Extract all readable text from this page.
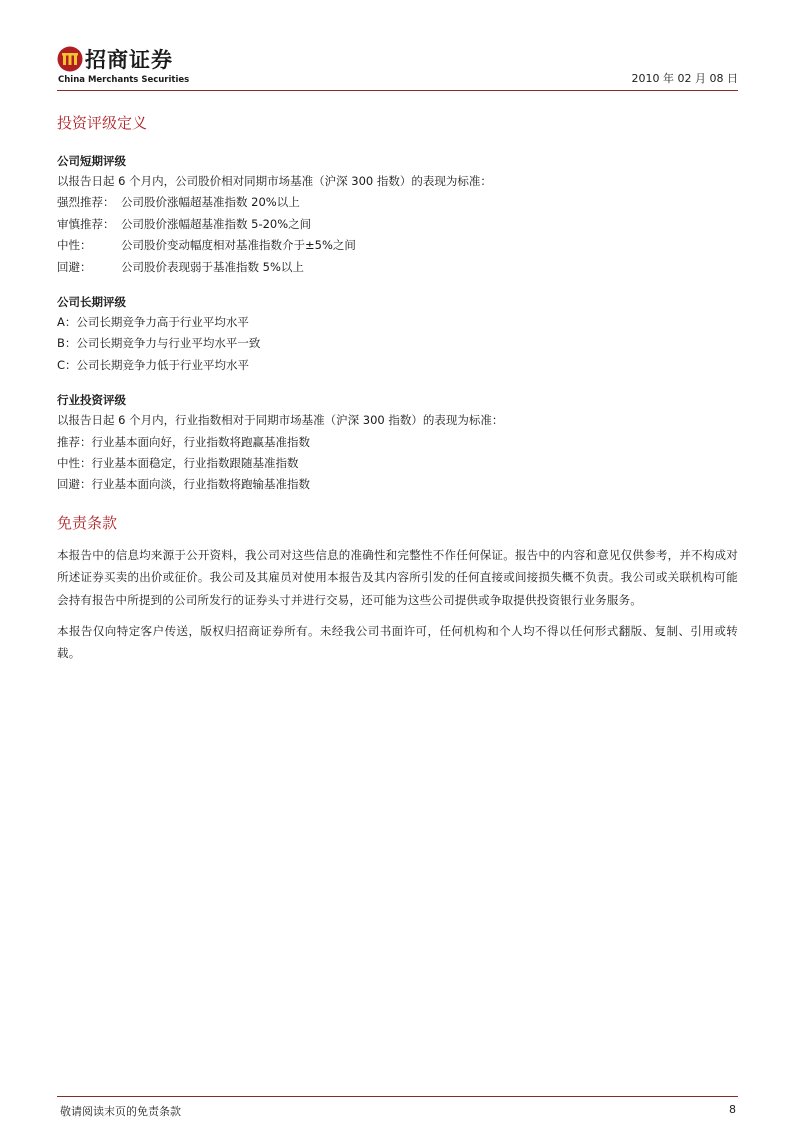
招商证券
China Merchants Securities	2010 年 02 月 08 日
投资评级定义
公司短期评级
以报告日起 6 个月内，公司股价相对同期市场基准（沪深 300 指数）的表现为标准：
强烈推荐： 公司股价涨幅超基准指数 20%以上
审慎推荐： 公司股价涨幅超基准指数 5-20%之间
中性：	公司股价变动幅度相对基准指数介于±5%之间
回避：	公司股价表现弱于基准指数 5%以上
公司长期评级
A：公司长期竞争力高于行业平均水平
B：公司长期竞争力与行业平均水平一致
C：公司长期竞争力低于行业平均水平
行业投资评级
以报告日起 6 个月内，行业指数相对于同期市场基准（沪深 300 指数）的表现为标准：
推荐：行业基本面向好，行业指数将跑赢基准指数
中性：行业基本面稳定，行业指数跟随基准指数
回避：行业基本面向淡，行业指数将跑输基准指数
免责条款

本报告中的信息均来源于公开资料，我公司对这些信息的准确性和完整性不作任何保证。报告中的内容和意见仅供参考，并不构成对所述证券买卖的出价或征价。我公司及其雇员对使用本报告及其内容所引发的任何直接或间接损失概不负责。我公司或关联机构可能会持有报告中所提到的公司所发行的证券头寸并进行交易，还可能为这些公司提供或争取提供投资银行业务服务。

本报告仅向特定客户传送，版权归招商证券所有。未经我公司书面许可，任何机构和个人均不得以任何形式翻版、复制、引用或转载。

敬请阅读末页的免责条款	8
